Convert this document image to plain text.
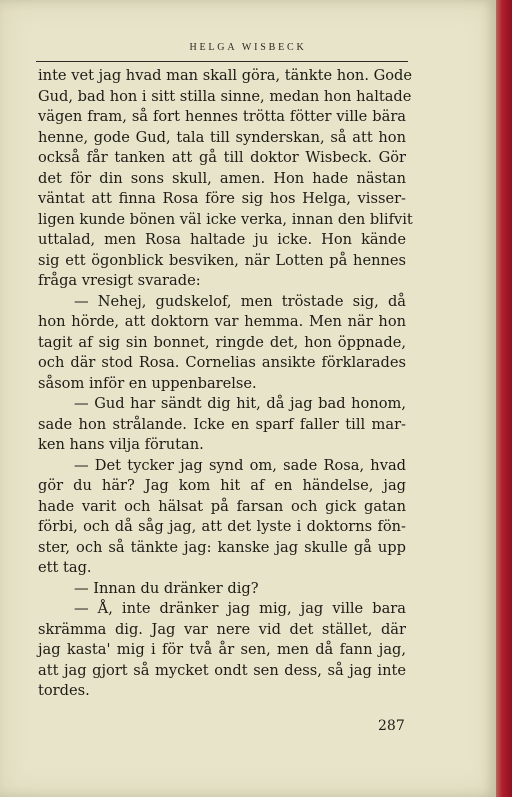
HELGA WISBECK
inte vet jag hvad man skall göra, tänkte hon. Gode
Gud, bad hon i sitt stilla sinne, medan hon haltade
vägen fram, så fort hennes trötta fötter ville bära
henne, gode Gud, tala till synderskan, så att hon
också får tanken att gå till doktor Wisbeck. Gör
det för din sons skull, amen. Hon hade nästan
väntat att finna Rosa före sig hos Helga, visser-
ligen kunde bönen väl icke verka, innan den blifvit
uttalad, men Rosa haltade ju icke. Hon kände
sig ett ögonblick besviken, när Lotten på hennes
fråga vresigt svarade:
— Nehej, gudskelof, men tröstade sig, då
hon hörde, att doktorn var hemma. Men när hon
tagit af sig sin bonnet, ringde det, hon öppnade,
och där stod Rosa. Cornelias ansikte förklarades
såsom inför en uppenbarelse.
— Gud har sändt dig hit, då jag bad honom,
sade hon strålande. Icke en sparf faller till mar-
ken hans vilja förutan.
— Det tycker jag synd om, sade Rosa, hvad
gör du här? Jag kom hit af en händelse, jag
hade varit och hälsat på farsan och gick gatan
förbi, och då såg jag, att det lyste i doktorns fön-
ster, och så tänkte jag: kanske jag skulle gå upp
ett tag.
— Innan du dränker dig?
— Å, inte dränker jag mig, jag ville bara
skrämma dig. Jag var nere vid det stället, där
jag kasta' mig i för två år sen, men då fann jag,
att jag gjort så mycket ondt sen dess, så jag inte
tordes.
287
